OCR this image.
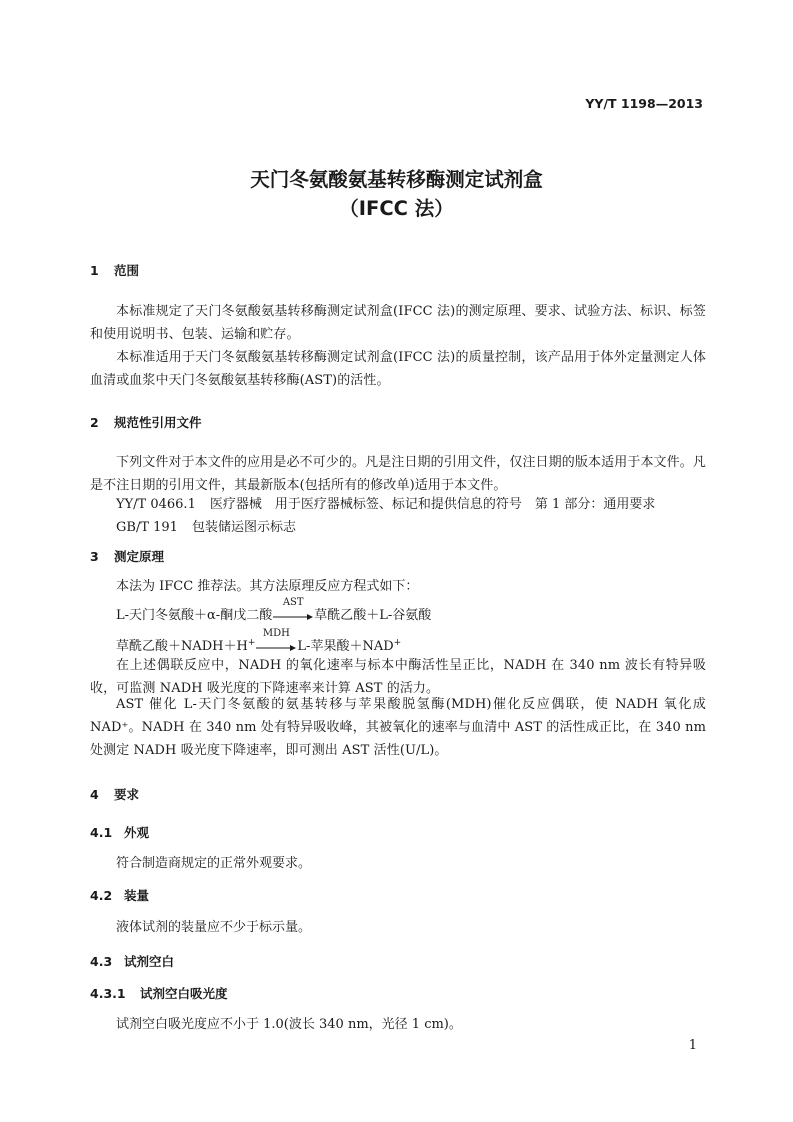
YY/T 1198—2013
天门冬氨酸氨基转移酶测定试剂盒
（IFCC 法）
1 范围
本标准规定了天门冬氨酸氨基转移酶测定试剂盒(IFCC 法)的测定原理、要求、试验方法、标识、标签和使用说明书、包装、运输和贮存。
本标准适用于天门冬氨酸氨基转移酶测定试剂盒(IFCC 法)的质量控制，该产品用于体外定量测定人体血清或血浆中天门冬氨酸氨基转移酶(AST)的活性。
2 规范性引用文件
下列文件对于本文件的应用是必不可少的。凡是注日期的引用文件，仅注日期的版本适用于本文件。凡是不注日期的引用文件，其最新版本(包括所有的修改单)适用于本文件。
YY/T 0466.1 医疗器械　用于医疗器械标签、标记和提供信息的符号　第 1 部分：通用要求
GB/T 191 包装储运图示标志
3 测定原理
本法为 IFCC 推荐法。其方法原理反应方程式如下：
L-天门冬氨酸＋α-酮戊二酸
AST
草酰乙酸＋L-谷氨酸
草酰乙酸＋NADH＋H+
MDH
L-苹果酸＋NAD+
在上述偶联反应中，NADH 的氧化速率与标本中酶活性呈正比，NADH 在 340 nm 波长有特异吸收，可监测 NADH 吸光度的下降速率来计算 AST 的活力。
AST 催化 L-天门冬氨酸的氨基转移与苹果酸脱氢酶(MDH)催化反应偶联，使 NADH 氧化成 NAD⁺。NADH 在 340 nm 处有特异吸收峰，其被氧化的速率与血清中 AST 的活性成正比，在 340 nm 处测定 NADH 吸光度下降速率，即可测出 AST 活性(U/L)。
4 要求
4.1 外观
符合制造商规定的正常外观要求。
4.2 装量
液体试剂的装量应不少于标示量。
4.3 试剂空白
4.3.1 试剂空白吸光度
试剂空白吸光度应不小于 1.0(波长 340 nm，光径 1 cm)。
1
